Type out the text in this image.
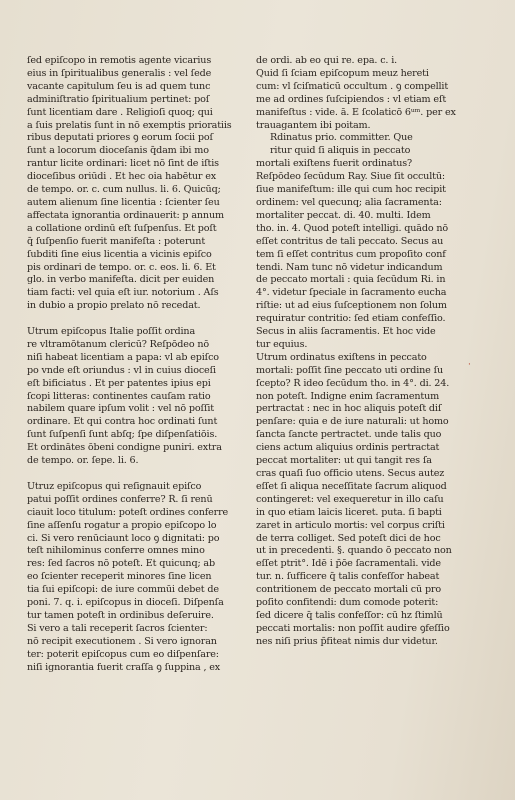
ſed epiſcopo in remotis agente vicarius
eius in ſpiritualibus generalis : vel ſede
vacante capitulum ſeu is ad quem tunc
adminiſtratio ſpiritualium pertinet: poſ
ſunt licentiam dare . Religioſi quoq; qui
a ſuis prelatis ſunt in nō exemptis prioratiis
ribus deputati priores ꝯ eorum ſocii poſ
ſunt a locorum dioceſanis q̄dam ibi mo
rantur licite ordinari: licet nō ſint de iſtis
dioceſibus oriūdi . Et hec oia habētur ex
de tempo. or. c. cum nullus. li. 6. Quicūq;
autem alienum ſine licentia : ſcienter ſeu
affectata ignorantia ordinauerit: p annum
a collatione ordinū eſt ſuſpenſus. Et poſt
q̄ ſuſpenſio fuerit manifeſta : poterunt
ſubditi ſine eius licentia a vicinis epiſco
pis ordinari de tempo. or. c. eos. li. 6. Et
glo. in verbo manifeſta. dicit per euiden
tiam facti: vel quia eſt iur. notorium . Aſs
in dubio a propio prelato nō recedat.
Utrum epiſcopus Italie poſſit ordina
re vltramōtanum clericū? Reſpōdeo nō
niſi habeat licentiam a papa: vl ab epiſco
po vnde eſt oriundus : vl̄ in cuius dioceſi
eſt bificiatus . Et per patentes ipius epi
ſcopi litteras: continentes cauſam ratio
nabilem quare ipſum volit : vel nō poſſit
ordinare. Et qui contra hoc ordinati ſunt
ſunt ſuſpenſi ſunt abſq; ſpe diſpenſatiōis.
Et ordinātes ōbeni condigne puniri. extra
de tempo. or. ſepe. li. 6.
Utruz epiſcopus qui reſignauit epiſco
patui poſſit ordines conferre? R̄. ſi renū
ciauit loco titulum: poteſt ordines conferre
ſine aſſenſu rogatur a propio epiſcopo lo
ci. Si vero renūciaunt loco ꝯ dignitati: po
teſt nihilominus conferre omnes mino
res: ſed ſacros nō poteſt. Et quicunq; ab
eo ſcienter receperit minores ſine licen
tia ſui epiſcopi: de iure commūi debet de
poni. 7. q. i. epiſcopus in dioceſi. Diſpenſa
tur tamen poteſt in ordinibus deſeruire.
Si vero a tali receperit ſacros ſcienter:
nō recipit executionem . Si vero ignoran
ter: poterit epiſcopus cum eo diſpenſare:
niſi ignorantia fuerit craſſa ꝯ ſuppina , ex
de ordi. ab eo qui re. epa. c. i.
Quid ſi ſciam epiſcopum meuz hereti
cum: vl ſciſmaticū occultum . ꝯ compellit
me ad ordines ſuſcipiendos : vl̄ etiam eſt
manifeſtus : vide. ā. E ſcolaticō 6ᵘᵐ. per ex
trauagantem ibi poitam.
Rdinatus prio. committer. Que
ritur quid ſi aliquis in peccato
mortali exiſtens fuerit ordinatus?
Reſpōdeo ſecūdum Ray. Siue ſit occultū:
ſiue manifeſtum: ille qui cum hoc recipit
ordinem: vel quecunq; alia ſacramenta:
mortaliter peccat. di. 40. multi. Idem
tho. in. 4. Quod poteſt intelligi. quādo nō
eſſet contritus de tali peccato. Secus au
tem ſi eſſet contritus cum propoſito conf
tendi. Nam tunc nō videtur indicandum
de peccato mortali : quia ſecūdum Ri. in
4°. videtur ſpeciale in ſacramento eucha
riſtie: ut ad eius ſuſceptionem non ſolum
requiratur contritio: ſed etiam confeſſio.
Secus in aliis ſacramentis. Et hoc vide
tur equius.
Utrum ordinatus exiſtens in peccato
mortali: poſſit ſine peccato uti ordine ſu
ſcepto? R̄ ideo ſecūdum tho. in 4°. di. 24.
non poteſt. Indigne enim ſacramentum
pertractat : nec in hoc aliquis poteſt diſ
penſare: quia e de iure naturali: ut homo
ſancta ſancte pertractet. unde talis quo
ciens actum aliquius ordinis pertractat
peccat mortaliter: ut qui tangit res ſa
cras quaſi ſuo officio utens. Secus autez
eſſet ſi aliqua neceſſitate ſacrum aliquod
contingeret: vel exequeretur in illo caſu
in quo etiam laicis liceret. puta. ſi bapti
zaret in articulo mortis: vel corpus criſti
de terra colliget. Sed poteſt dici de hoc
ut in precedenti. §. quando ō peccato non
eſſet ptrit°. Idē i p̄ōe ſacramentali. vide
tur. n. ſufficere q̄ talis confeſſor habeat
contritionem de peccato mortali cū pro
poſito confitendi: dum comode poterit:
ſed dicere q̄ talis confeſſor: cū hz ſtimlū
peccati mortalis: non poſſit audire ꝯfeſſio
nes niſi prius p̄fiteat nimis dur videtur.
·
